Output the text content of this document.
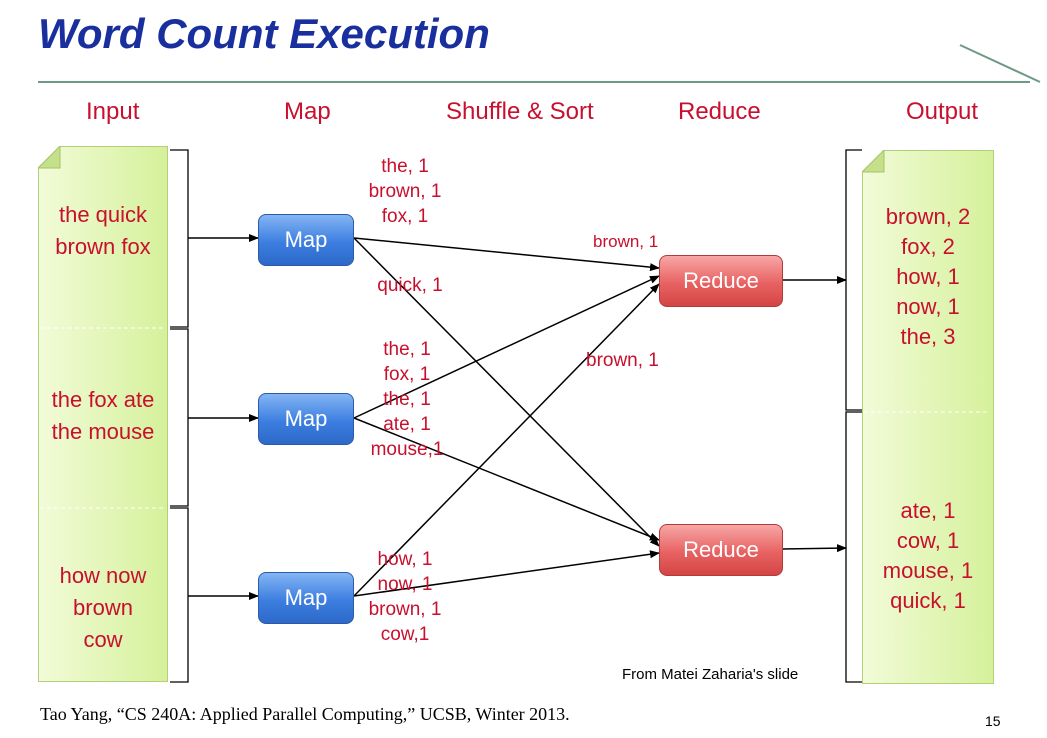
Word Count Execution
Input	Map	Shuffle & Sort	Reduce	Output
the quick
brown fox
the fox ate
the mouse
how now
brown
cow
brown, 2
fox, 2
how, 1
now, 1
the, 3
ate, 1
cow, 1
mouse, 1
quick, 1
Map
Map
Map
Reduce
Reduce
the, 1
brown, 1
fox, 1
quick, 1
the, 1
fox, 1
the, 1
ate, 1
mouse,1
how, 1
now, 1
brown, 1
cow,1
brown, 1
brown, 1
From Matei Zaharia's slide
Tao Yang, “CS 240A: Applied Parallel Computing,” UCSB, Winter 2013.	15
